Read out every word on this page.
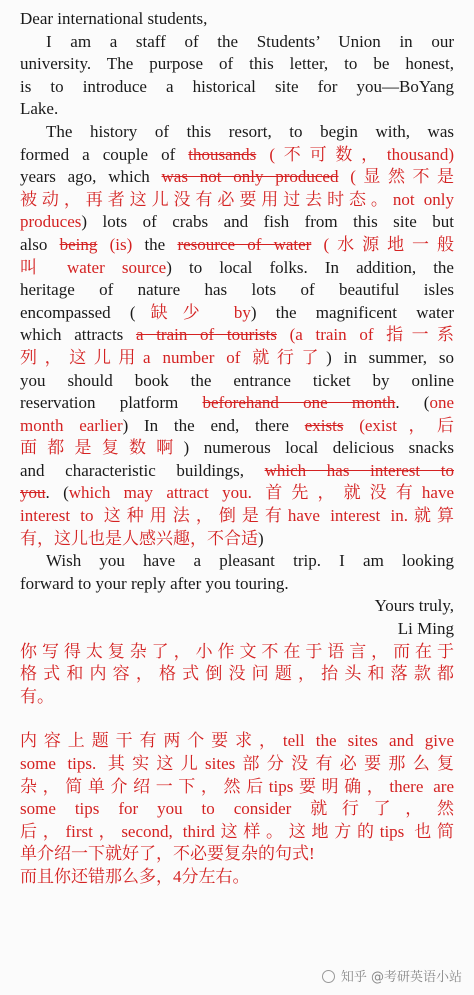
Dear international students,
I am a staff of the Students’ Union in our
university. The purpose of this letter, to be honest,
is to introduce a historical site for you—BoYang
Lake.
The history of this resort, to begin with, was
formed a couple of thousands (不可数，thousand)
years ago, which was not only produced (显然不是
被动，再者这儿没有必要用过去时态。not only
produces) lots of crabs and fish from this site but
also being (is) the resource of water (水源地一般
叫 water source) to local folks. In addition, the
heritage of nature has lots of beautiful isles
encompassed (缺少 by) the magnificent water
which attracts a train of tourists (a train of 指一系
列，这儿用a number of 就行了) in summer, so
you should book the entrance ticket by online
reservation platform beforehand one month. (one
month earlier) In the end, there exists (exist，后
面都是复数啊) numerous local delicious snacks
and characteristic buildings, which has interest to
you. (which may attract you. 首先，就没有have
interest to 这种用法，倒是有have interest in.就算
有，这儿也是人感兴趣，不合适)
Wish you have a pleasant trip. I am looking
forward to your reply after you touring.
Yours truly,
Li Ming
你写得太复杂了，小作文不在于语言，而在于
格式和内容，格式倒没问题，抬头和落款都
有。
内容上题干有两个要求，tell the sites and give
some tips. 其实这儿sites部分没有必要那么复
杂，简单介绍一下，然后tips要明确，there are
some tips for you to consider 就行了，然
后，first，second, third这样。这地方的tips 也简
单介绍一下就好了，不必要复杂的句式!
而且你还错那么多，4分左右。
知乎 @考研英语小站
